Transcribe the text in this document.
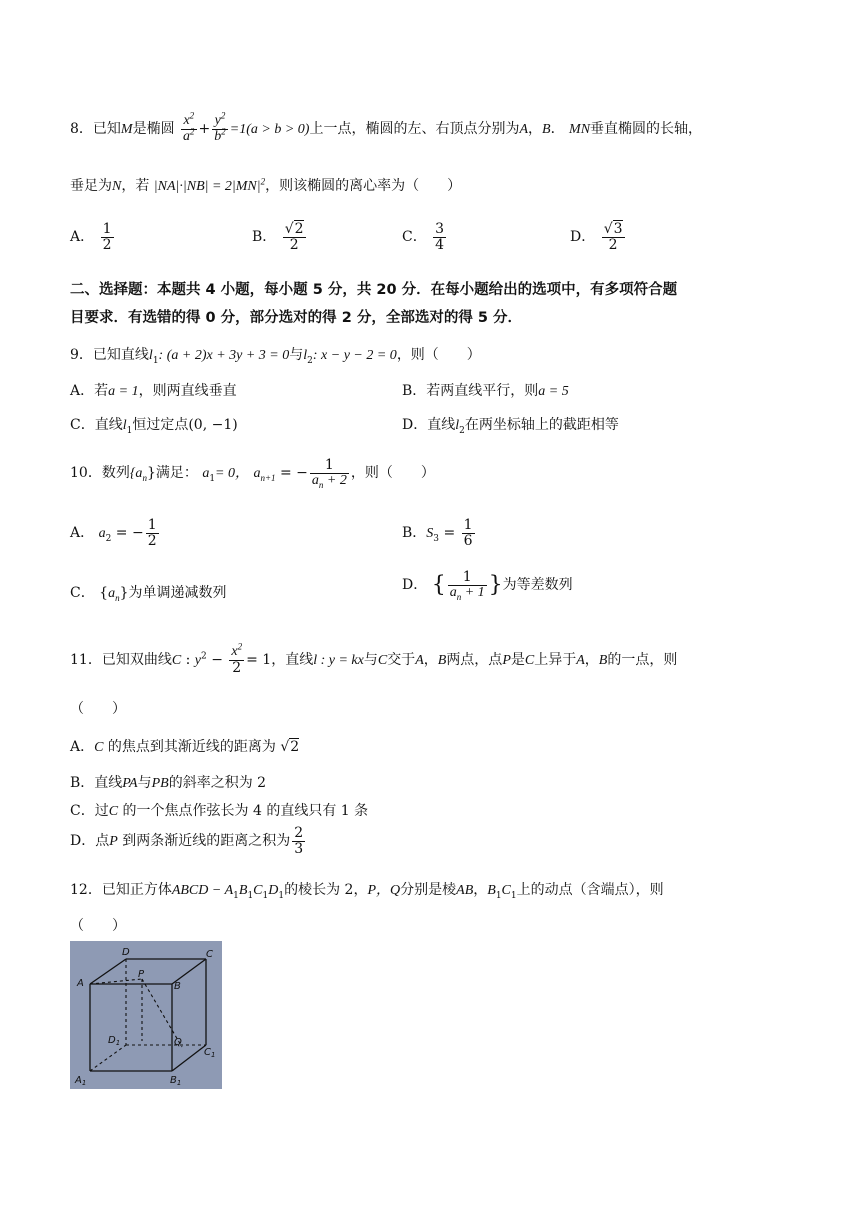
8．已知M是椭圆 $\frac{x^2}{a^2} + \frac{y^2}{b^2} =1(a > b > 0)$上一点，椭圆的左、右顶点分别为A，B． MN垂直椭圆的长轴，
垂足为N，若 $|NA|\cdot|NB| = 2|MN|^2$，则该椭圆的离心率为（　　）
A． $\frac{1}{2}$	B． $\frac{√2}{2}$	C． $\frac{3}{4}$	D． $\frac{√3}{2}$
二、选择题：本题共 4 小题，每小题 5 分，共 20 分．在每小题给出的选项中，有多项符合题
目要求．有选错的得 0 分，部分选对的得 2 分，全部选对的得 5 分．
9．已知直线$l_1$: (a + 2)x + 3y + 3 = 0与$l_2$: x − y − 2 = 0，则（　　）
A．若a = 1，则两直线垂直	B．若两直线平行，则a = 5
C．直线$l_1$恒过定点(0, −1)	D．直线$l_2$在两坐标轴上的截距相等
10．数列$\{a_n\}$满足： $a_1= 0$， $a_{n+1}$ = − $\frac{1}{a_n + 2}$ ，则（　　）
A． $a_2$ = − $\frac{1}{2}$	B．$S_3 = \frac{1}{6}$
C． $\{a_n\}$为单调递减数列	D． { $\frac{1}{a_n + 1}$ }为等差数列
11．已知双曲线C : $y^2 - \frac{x^2}{2} = 1$，直线l : y = kx与C交于A，B两点，点P是C上异于A，B的一点，则
（　　）
A．C 的焦点到其渐近线的距离为 √2
B．直线PA与PB的斜率之积为 2
C．过C 的一个焦点作弦长为 4 的直线只有 1 条
D．点P 到两条渐近线的距离之积为 $\frac{2}{3}$
12．已知正方体ABCD − $A_1B_1C_1D_1$的棱长为 2，P，Q分别是棱AB，$B_1C_1$上的动点（含端点），则
（　　）
D	C
A
P
B
$D_1$	Q
$C_1$
$A_1$	$B_1$
